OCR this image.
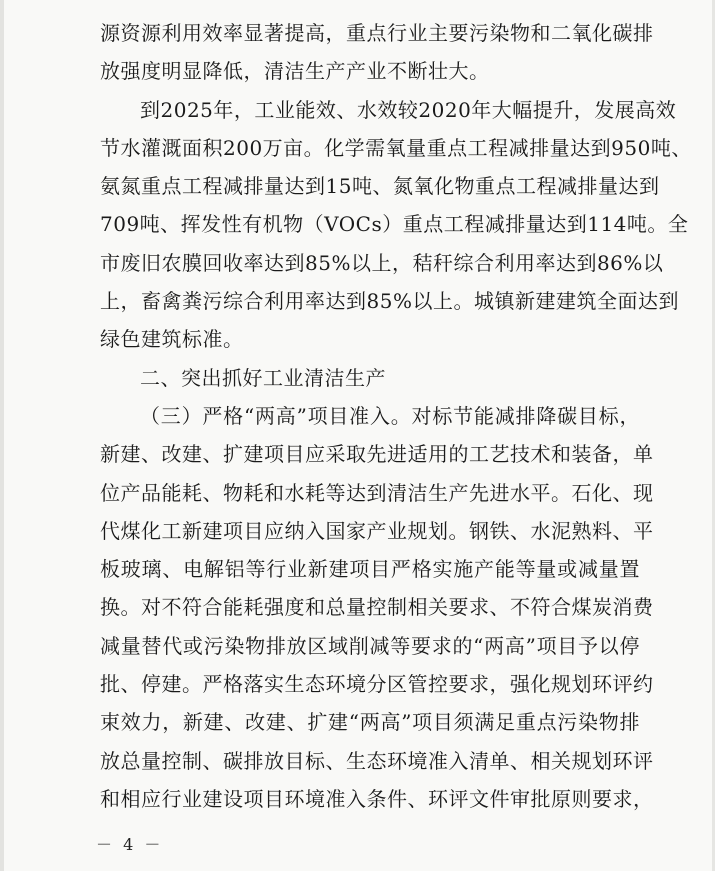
源资源利用效率显著提高，重点行业主要污染物和二氧化碳排
放强度明显降低，清洁生产产业不断壮大。
到2025年，工业能效、水效较2020年大幅提升，发展高效
节水灌溉面积200万亩。化学需氧量重点工程减排量达到950吨、
氨氮重点工程减排量达到15吨、氮氧化物重点工程减排量达到
709吨、挥发性有机物（VOCs）重点工程减排量达到114吨。全
市废旧农膜回收率达到85%以上，秸秆综合利用率达到86%以
上，畜禽粪污综合利用率达到85%以上。城镇新建建筑全面达到
绿色建筑标准。
二、突出抓好工业清洁生产
（三）严格“两高”项目准入。对标节能减排降碳目标，
新建、改建、扩建项目应采取先进适用的工艺技术和装备，单
位产品能耗、物耗和水耗等达到清洁生产先进水平。石化、现
代煤化工新建项目应纳入国家产业规划。钢铁、水泥熟料、平
板玻璃、电解铝等行业新建项目严格实施产能等量或减量置
换。对不符合能耗强度和总量控制相关要求、不符合煤炭消费
减量替代或污染物排放区域削减等要求的“两高”项目予以停
批、停建。严格落实生态环境分区管控要求，强化规划环评约
束效力，新建、改建、扩建“两高”项目须满足重点污染物排
放总量控制、碳排放目标、生态环境准入清单、相关规划环评
和相应行业建设项目环境准入条件、环评文件审批原则要求，
－ 4 －
